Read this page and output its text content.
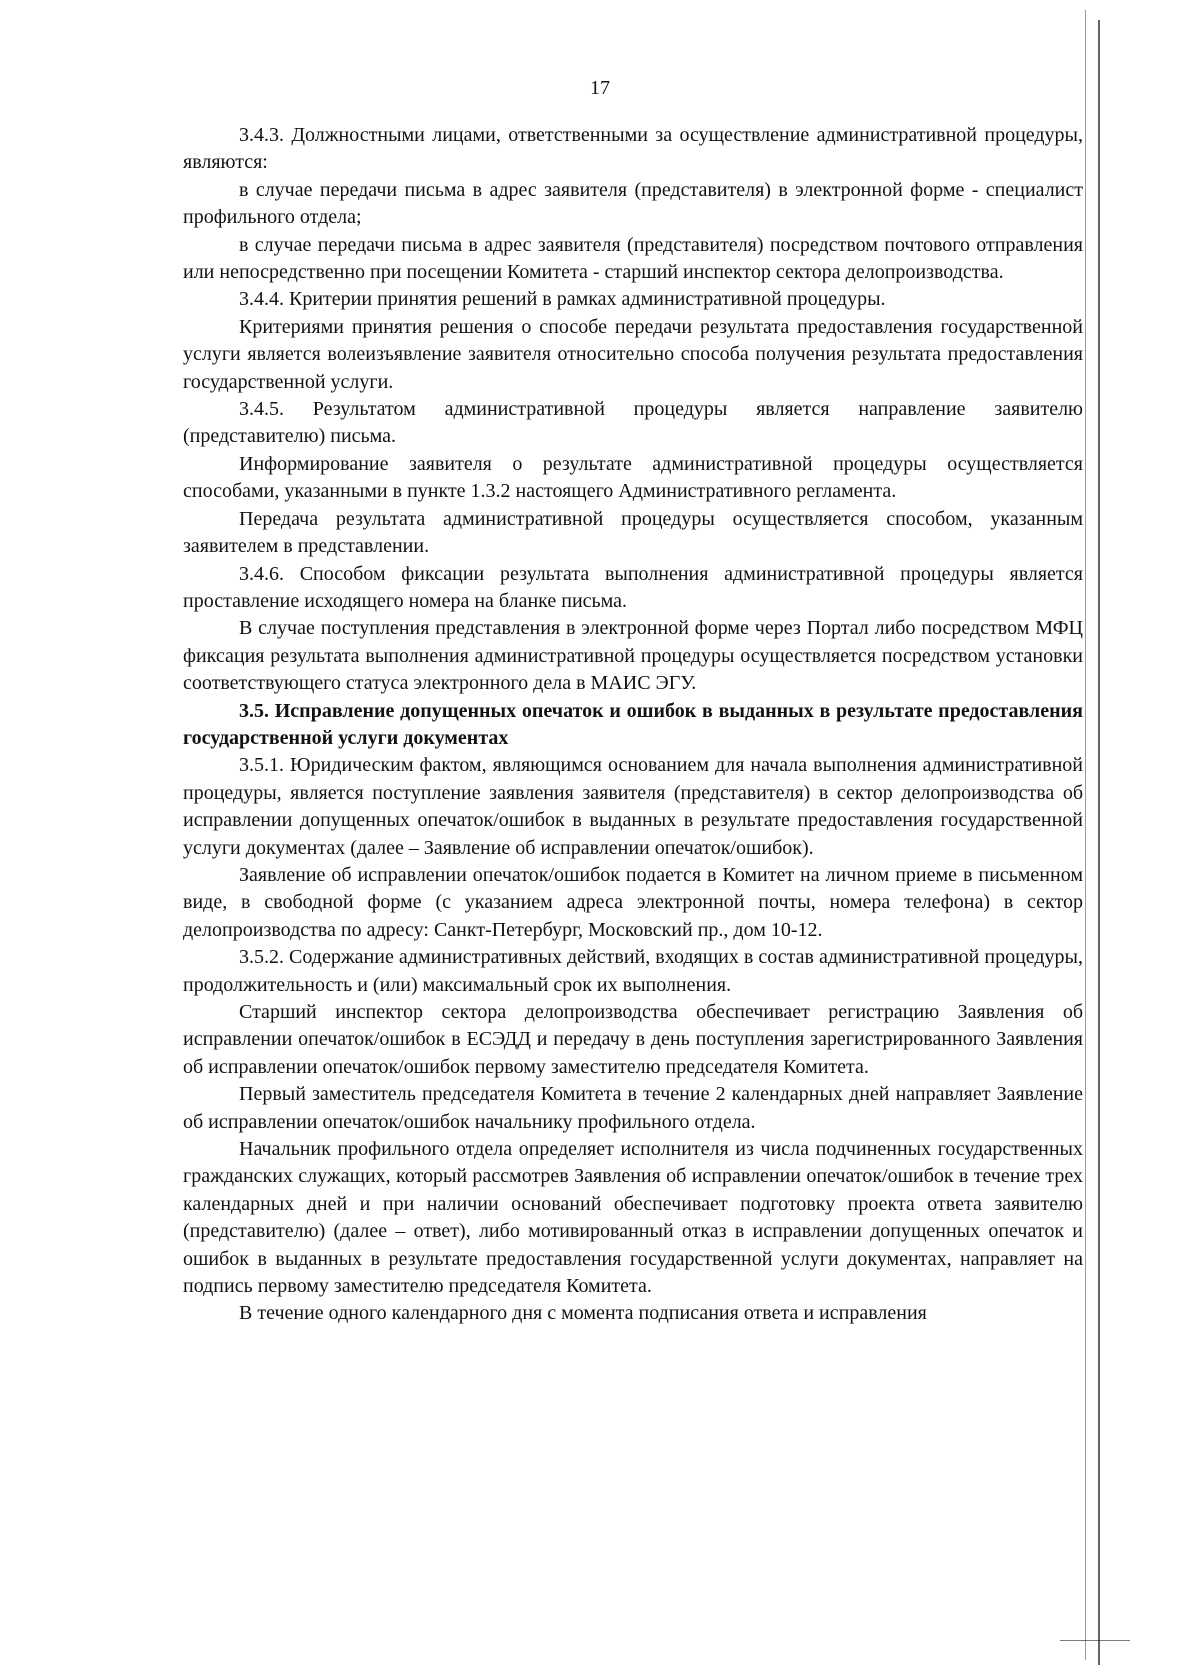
17

3.4.3. Должностными лицами, ответственными за осуществление административной процедуры, являются:

в случае передачи письма в адрес заявителя (представителя) в электронной форме - специалист профильного отдела;

в случае передачи письма в адрес заявителя (представителя) посредством почтового отправления или непосредственно при посещении Комитета - старший инспектор сектора делопроизводства.

3.4.4. Критерии принятия решений в рамках административной процедуры.

Критериями принятия решения о способе передачи результата предоставления государственной услуги является волеизъявление заявителя относительно способа получения результата предоставления государственной услуги.

3.4.5. Результатом административной процедуры является направление заявителю (представителю) письма.

Информирование заявителя о результате административной процедуры осуществляется способами, указанными в пункте 1.3.2 настоящего Административного регламента.

Передача результата административной процедуры осуществляется способом, указанным заявителем в представлении.

3.4.6. Способом фиксации результата выполнения административной процедуры является проставление исходящего номера на бланке письма.

В случае поступления представления в электронной форме через Портал либо посредством МФЦ фиксация результата выполнения административной процедуры осуществляется посредством установки соответствующего статуса электронного дела в МАИС ЭГУ.

3.5. Исправление допущенных опечаток и ошибок в выданных в результате предоставления государственной услуги документах

3.5.1. Юридическим фактом, являющимся основанием для начала выполнения административной процедуры, является поступление заявления заявителя (представителя) в сектор делопроизводства об исправлении допущенных опечаток/ошибок в выданных в результате предоставления государственной услуги документах (далее – Заявление об исправлении опечаток/ошибок).

Заявление об исправлении опечаток/ошибок подается в Комитет на личном приеме в письменном виде, в свободной форме (с указанием адреса электронной почты, номера телефона) в сектор делопроизводства по адресу: Санкт-Петербург, Московский пр., дом 10-12.

3.5.2. Содержание административных действий, входящих в состав административной процедуры, продолжительность и (или) максимальный срок их выполнения.

Старший инспектор сектора делопроизводства обеспечивает регистрацию Заявления об исправлении опечаток/ошибок в ЕСЭДД и передачу в день поступления зарегистрированного Заявления об исправлении опечаток/ошибок первому заместителю председателя Комитета.

Первый заместитель председателя Комитета в течение 2 календарных дней направляет Заявление об исправлении опечаток/ошибок начальнику профильного отдела.

Начальник профильного отдела определяет исполнителя из числа подчиненных государственных гражданских служащих, который рассмотрев Заявления об исправлении опечаток/ошибок в течение трех календарных дней и при наличии оснований обеспечивает подготовку проекта ответа заявителю (представителю) (далее – ответ), либо мотивированный отказ в исправлении допущенных опечаток и ошибок в выданных в результате предоставления государственной услуги документах, направляет на подпись первому заместителю председателя Комитета.

В течение одного календарного дня с момента подписания ответа и исправления
